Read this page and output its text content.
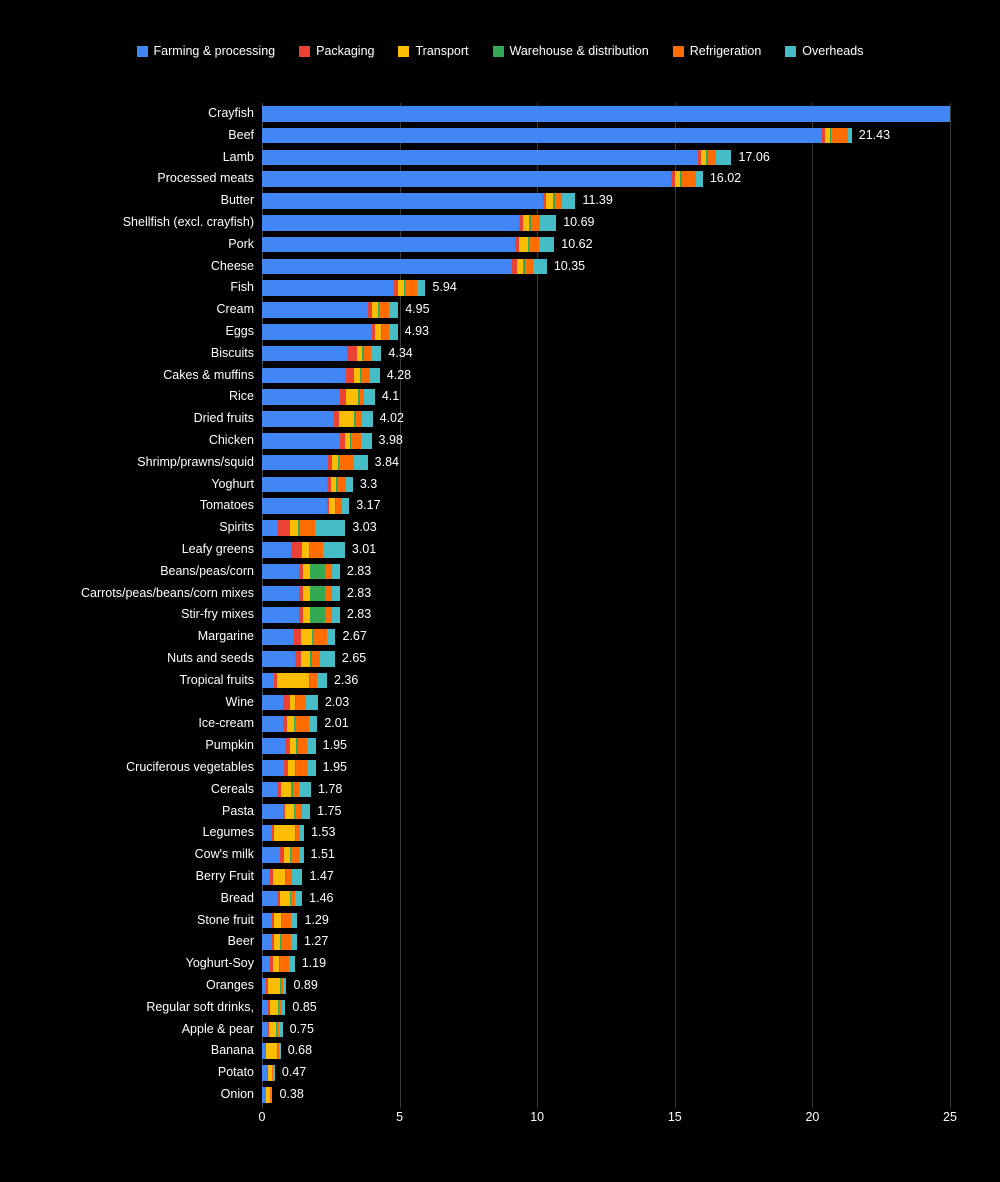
Farming & processing	Packaging	Transport	Warehouse & distribution	Refrigeration	Overheads
Crayfish
Beef	21.43
Lamb	17.06
Processed meats	16.02
Butter	11.39
Shellfish (excl. crayfish)	10.69
Pork	10.62
Cheese	10.35
Fish	5.94
Cream	4.95
Eggs	4.93
Biscuits	4.34
Cakes & muffins	4.28
Rice	4.1
Dried fruits	4.02
Chicken	3.98
Shrimp/prawns/squid	3.84
Yoghurt	3.3
Tomatoes	3.17
Spirits	3.03
Leafy greens	3.01
Beans/peas/corn	2.83
Carrots/peas/beans/corn mixes	2.83
Stir-fry mixes	2.83
Margarine	2.67
Nuts and seeds	2.65
Tropical fruits	2.36
Wine	2.03
Ice-cream	2.01
Pumpkin	1.95
Cruciferous vegetables	1.95
Cereals	1.78
Pasta	1.75
Legumes	1.53
Cow's milk	1.51
Berry Fruit	1.47
Bread	1.46
Stone fruit	1.29
Beer	1.27
Yoghurt-Soy	1.19
Oranges	0.89
Regular soft drinks,	0.85
Apple & pear	0.75
Banana	0.68
Potato 0.47
Onion 0.38
0	5	10	15	20	25
